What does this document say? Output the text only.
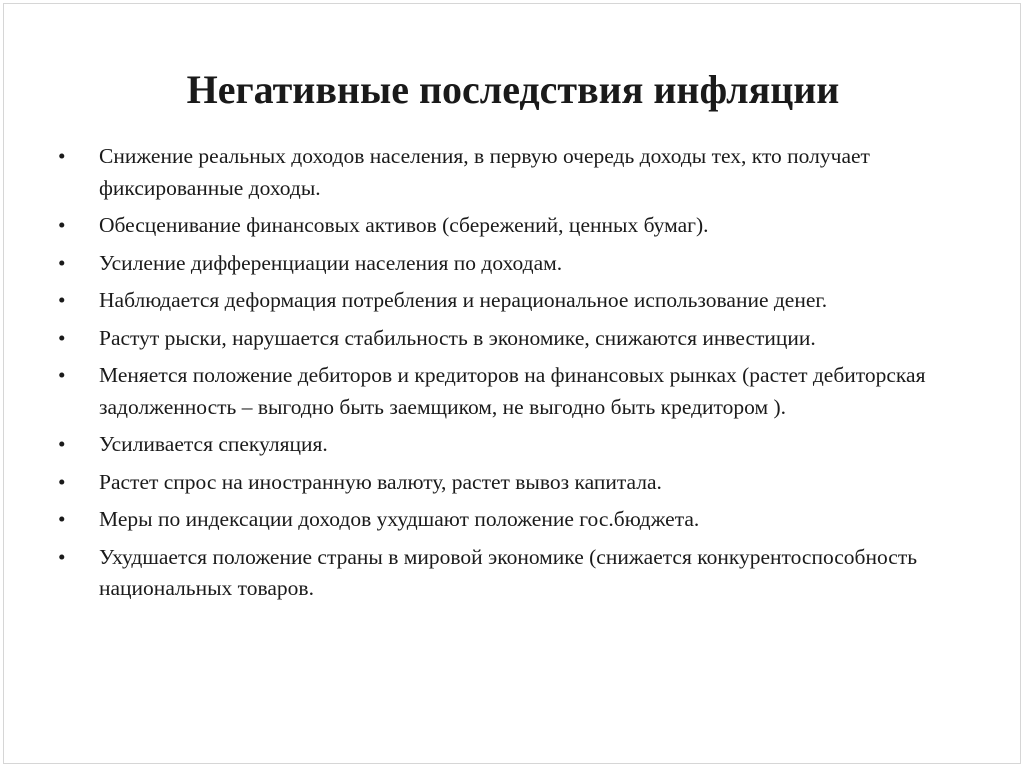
Негативные последствия инфляции
• Снижение реальных доходов населения, в первую очередь доходы тех, кто получает фиксированные доходы.
• Обесценивание финансовых активов (сбережений, ценных бумаг).
• Усиление дифференциации населения по доходам.
• Наблюдается деформация потребления и нерациональное использование денег.
• Растут рыски, нарушается стабильность в экономике, снижаются инвестиции.
• Меняется положение дебиторов и кредиторов на финансовых рынках (растет дебиторская задолженность – выгодно быть заемщиком, не выгодно быть кредитором ).
• Усиливается спекуляция.
• Растет спрос на иностранную валюту, растет вывоз капитала.
• Меры по индексации доходов ухудшают положение гос.бюджета.
• Ухудшается положение страны в мировой экономике (снижается конкурентоспособность национальных товаров.
